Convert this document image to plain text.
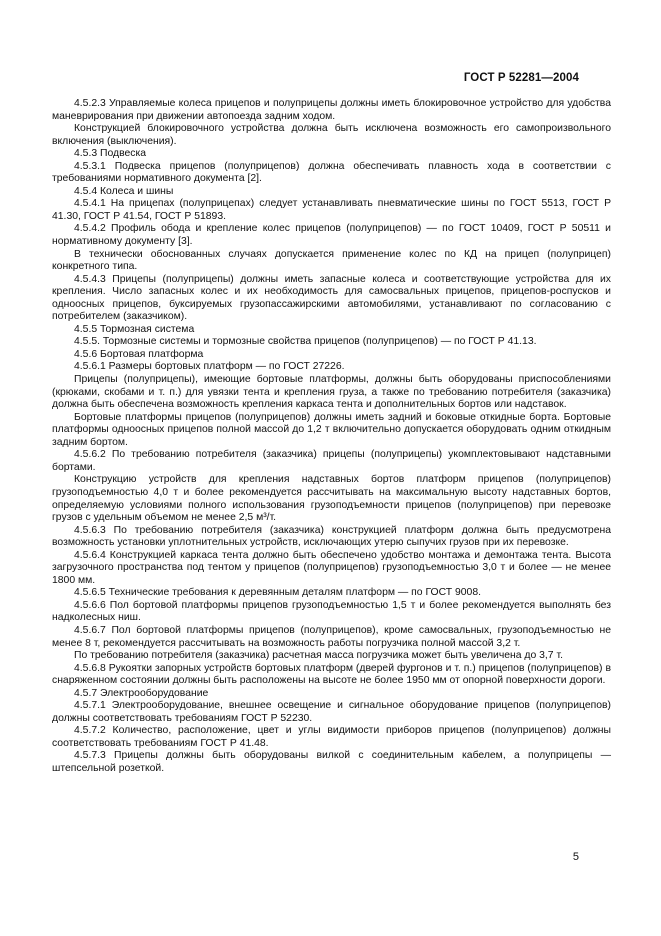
ГОСТ Р 52281—2004

4.5.2.3 Управляемые колеса прицепов и полуприцепы должны иметь блокировочное устройство для удобства маневрирования при движении автопоезда задним ходом.

Конструкцией блокировочного устройства должна быть исключена возможность его самопроизвольного включения (выключения).

4.5.3 Подвеска

4.5.3.1 Подвеска прицепов (полуприцепов) должна обеспечивать плавность хода в соответствии с требованиями нормативного документа [2].

4.5.4 Колеса и шины

4.5.4.1 На прицепах (полуприцепах) следует устанавливать пневматические шины по ГОСТ 5513, ГОСТ Р 41.30, ГОСТ Р 41.54, ГОСТ Р 51893.

4.5.4.2 Профиль обода и крепление колес прицепов (полуприцепов) — по ГОСТ 10409, ГОСТ Р 50511 и нормативному документу [3].

В технически обоснованных случаях допускается применение колес по КД на прицеп (полуприцеп) конкретного типа.

4.5.4.3 Прицепы (полуприцепы) должны иметь запасные колеса и соответствующие устройства для их крепления. Число запасных колес и их необходимость для самосвальных прицепов, прицепов-роспусков и одноосных прицепов, буксируемых грузопассажирскими автомобилями, устанавливают по согласованию с потребителем (заказчиком).

4.5.5 Тормозная система

4.5.5. Тормозные системы и тормозные свойства прицепов (полуприцепов) — по ГОСТ Р 41.13.

4.5.6 Бортовая платформа

4.5.6.1 Размеры бортовых платформ — по ГОСТ 27226.

Прицепы (полуприцепы), имеющие бортовые платформы, должны быть оборудованы приспособлениями (крюками, скобами и т. п.) для увязки тента и крепления груза, а также по требованию потребителя (заказчика) должна быть обеспечена возможность крепления каркаса тента и дополнительных бортов или надставок.

Бортовые платформы прицепов (полуприцепов) должны иметь задний и боковые откидные борта. Бортовые платформы одноосных прицепов полной массой до 1,2 т включительно допускается оборудовать одним откидным задним бортом.

4.5.6.2 По требованию потребителя (заказчика) прицепы (полуприцепы) укомплектовывают надставными бортами.

Конструкцию устройств для крепления надставных бортов платформ прицепов (полуприцепов) грузоподъемностью 4,0 т и более рекомендуется рассчитывать на максимальную высоту надставных бортов, определяемую условиями полного использования грузоподъемности прицепов (полуприцепов) при перевозке грузов с удельным объемом не менее 2,5 м³/т.

4.5.6.3 По требованию потребителя (заказчика) конструкцией платформ должна быть предусмотрена возможность установки уплотнительных устройств, исключающих утерю сыпучих грузов при их перевозке.

4.5.6.4 Конструкцией каркаса тента должно быть обеспечено удобство монтажа и демонтажа тента. Высота загрузочного пространства под тентом у прицепов (полуприцепов) грузоподъемностью 3,0 т и более — не менее 1800 мм.

4.5.6.5 Технические требования к деревянным деталям платформ — по ГОСТ 9008.

4.5.6.6 Пол бортовой платформы прицепов грузоподъемностью 1,5 т и более рекомендуется выполнять без надколесных ниш.

4.5.6.7 Пол бортовой платформы прицепов (полуприцепов), кроме самосвальных, грузоподъемностью не менее 8 т, рекомендуется рассчитывать на возможность работы погрузчика полной массой 3,2 т.

По требованию потребителя (заказчика) расчетная масса погрузчика может быть увеличена до 3,7 т.

4.5.6.8 Рукоятки запорных устройств бортовых платформ (дверей фургонов и т. п.) прицепов (полуприцепов) в снаряженном состоянии должны быть расположены на высоте не более 1950 мм от опорной поверхности дороги.

4.5.7 Электрооборудование

4.5.7.1 Электрооборудование, внешнее освещение и сигнальное оборудование прицепов (полуприцепов) должны соответствовать требованиям ГОСТ Р 52230.

4.5.7.2 Количество, расположение, цвет и углы видимости приборов прицепов (полуприцепов) должны соответствовать требованиям ГОСТ Р 41.48.

4.5.7.3 Прицепы должны быть оборудованы вилкой с соединительным кабелем, а полуприцепы — штепсельной розеткой.

5
